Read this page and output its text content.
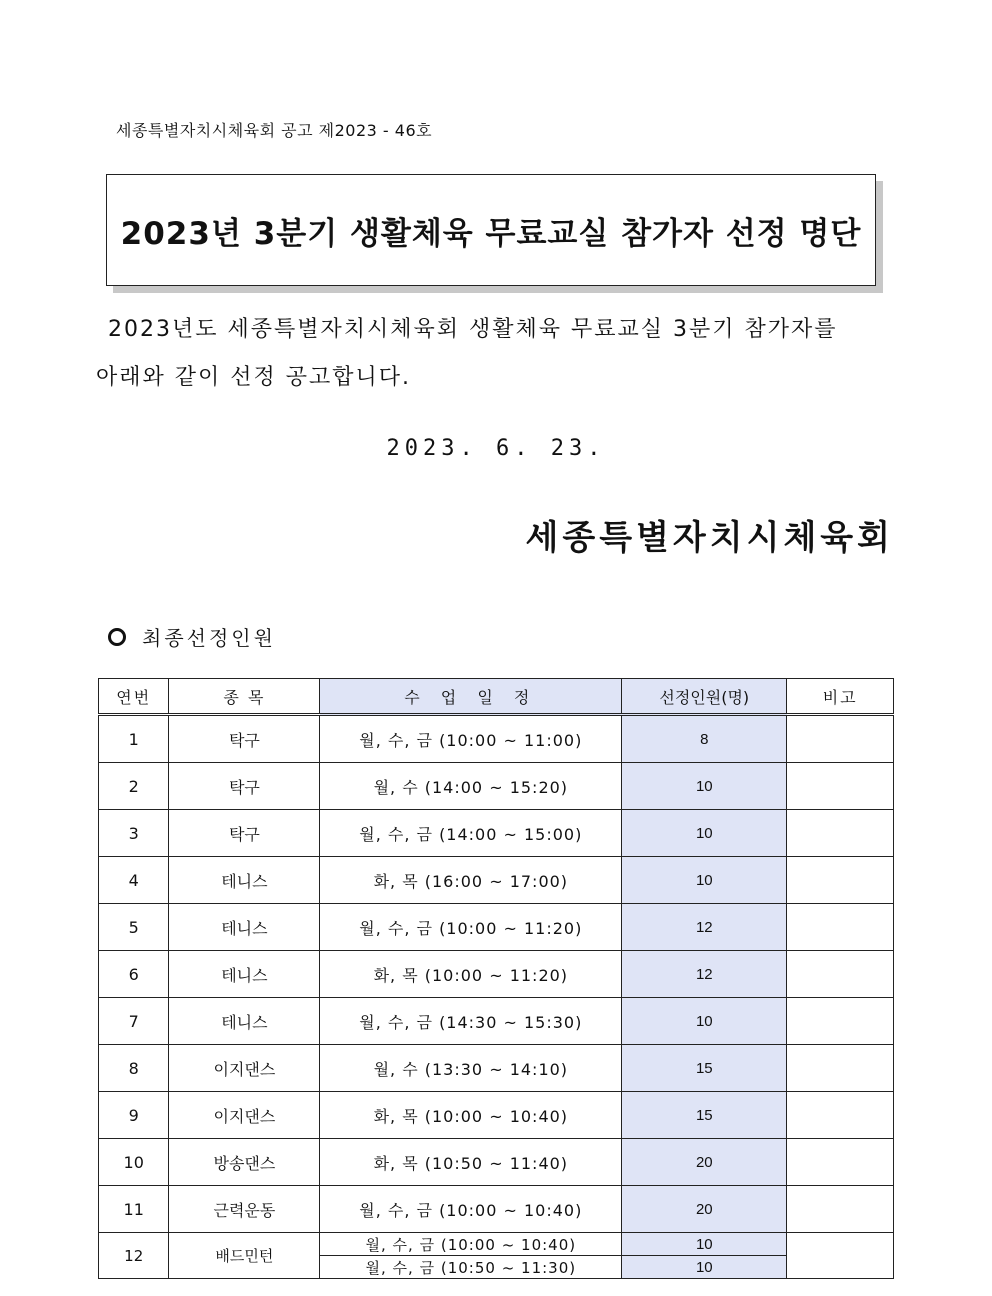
세종특별자치시체육회 공고 제2023 - 46호
2023년 3분기 생활체육 무료교실 참가자 선정 명단
2023년도 세종특별자치시체육회 생활체육 무료교실 3분기 참가자를
아래와 같이 선정 공고합니다.
2023. 6. 23.
세종특별자치시체육회
최종선정인원
연번	종 목	수 업 일 정	선정인원(명)	비고
1	탁구	월, 수, 금 (10:00 ~ 11:00)	8	
2	탁구	월, 수 (14:00 ~ 15:20)	10	
3	탁구	월, 수, 금 (14:00 ~ 15:00)	10	
4	테니스	화, 목 (16:00 ~ 17:00)	10	
5	테니스	월, 수, 금 (10:00 ~ 11:20)	12	
6	테니스	화, 목 (10:00 ~ 11:20)	12	
7	테니스	월, 수, 금 (14:30 ~ 15:30)	10	
8	이지댄스	월, 수 (13:30 ~ 14:10)	15	
9	이지댄스	화, 목 (10:00 ~ 10:40)	15	
10	방송댄스	화, 목 (10:50 ~ 11:40)	20	
11	근력운동	월, 수, 금 (10:00 ~ 10:40)	20	
12	배드민턴	월, 수, 금 (10:00 ~ 10:40)	10	
		월, 수, 금 (10:50 ~ 11:30)	10	
